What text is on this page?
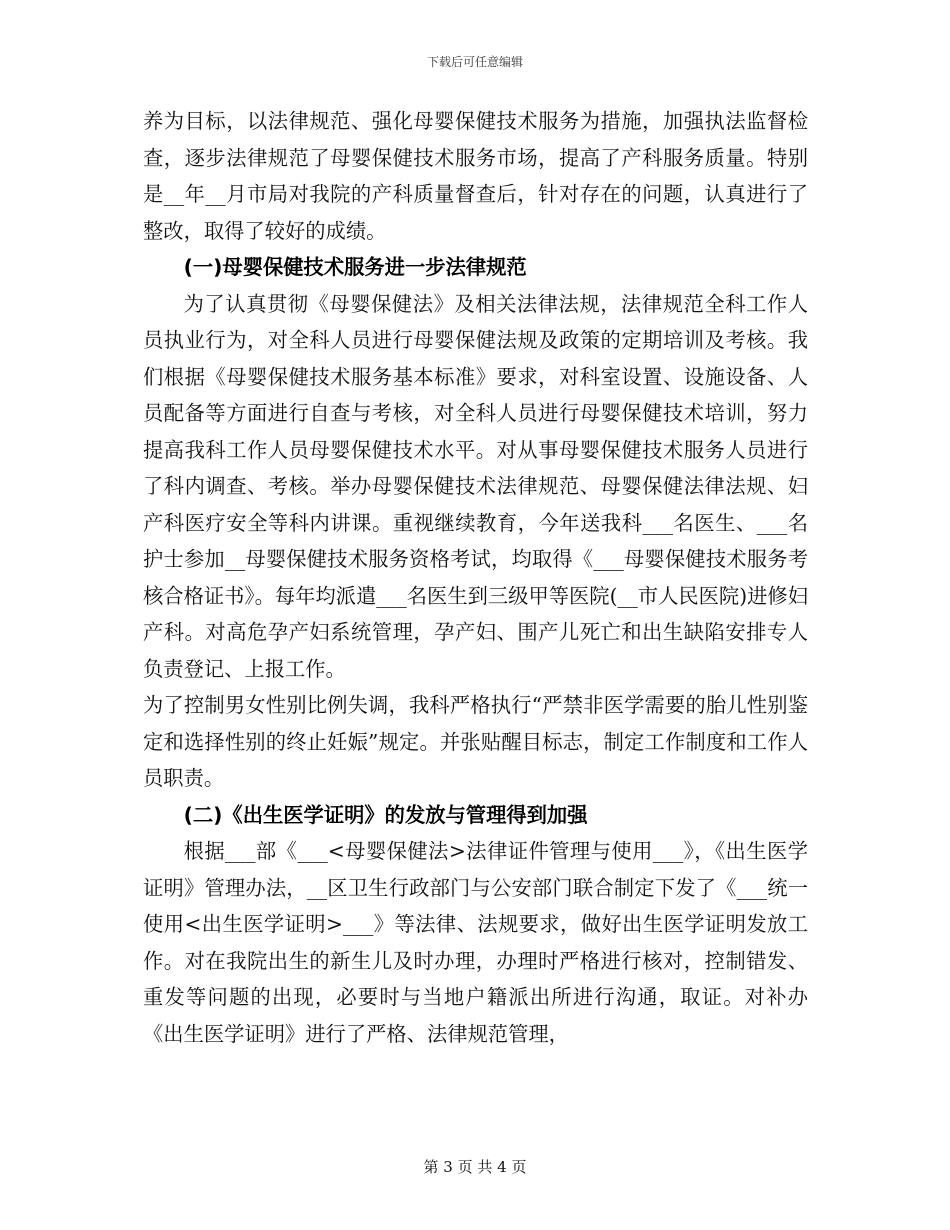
下载后可任意编辑

养为目标，以法律规范、强化母婴保健技术服务为措施，加强执法监督检查，逐步法律规范了母婴保健技术服务市场，提高了产科服务质量。特别是__年__月市局对我院的产科质量督查后，针对存在的问题，认真进行了整改，取得了较好的成绩。

(一)母婴保健技术服务进一步法律规范

为了认真贯彻《母婴保健法》及相关法律法规，法律规范全科工作人员执业行为，对全科人员进行母婴保健法规及政策的定期培训及考核。我们根据《母婴保健技术服务基本标准》要求，对科室设置、设施设备、人员配备等方面进行自查与考核，对全科人员进行母婴保健技术培训，努力提高我科工作人员母婴保健技术水平。对从事母婴保健技术服务人员进行了科内调查、考核。举办母婴保健技术法律规范、母婴保健法律法规、妇产科医疗安全等科内讲课。重视继续教育，今年送我科___名医生、___名护士参加__母婴保健技术服务资格考试，均取得《___母婴保健技术服务考核合格证书》。每年均派遣___名医生到三级甲等医院(__市人民医院)进修妇产科。对高危孕产妇系统管理，孕产妇、围产儿死亡和出生缺陷安排专人负责登记、上报工作。

为了控制男女性别比例失调，我科严格执行“严禁非医学需要的胎儿性别鉴定和选择性别的终止妊娠”规定。并张贴醒目标志，制定工作制度和工作人员职责。

(二)《出生医学证明》的发放与管理得到加强

根据___部《___<母婴保健法>法律证件管理与使用___》，《出生医学证明》管理办法，__区卫生行政部门与公安部门联合制定下发了《___统一使用<出生医学证明>___》等法律、法规要求，做好出生医学证明发放工作。对在我院出生的新生儿及时办理，办理时严格进行核对，控制错发、重发等问题的出现，必要时与当地户籍派出所进行沟通，取证。对补办《出生医学证明》进行了严格、法律规范管理，

第 3 页 共 4 页
